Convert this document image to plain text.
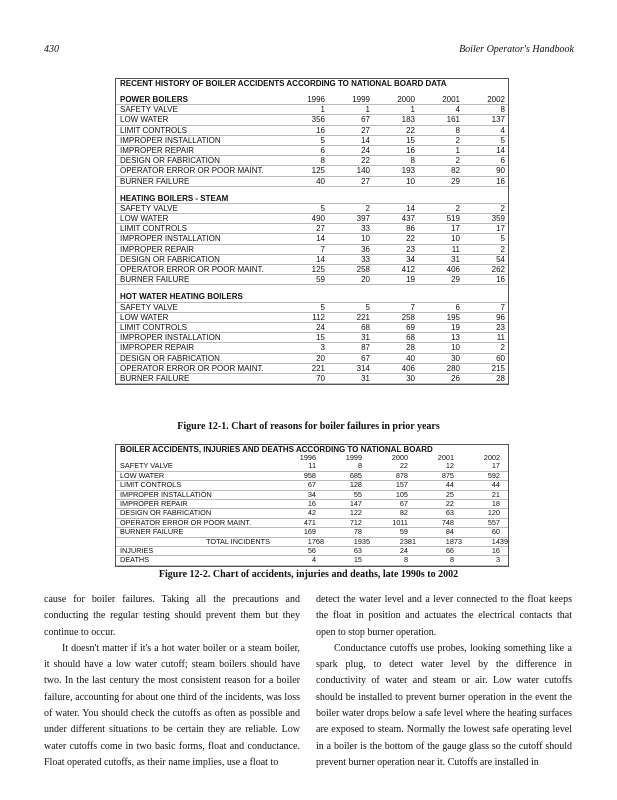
430	Boiler Operator's Handbook
RECENT HISTORY OF BOILER ACCIDENTS ACCORDING TO NATIONAL BOARD DATA
POWER BOILERS	1996	1999	2000	2001	2002
SAFETY VALVE	1	1	1	4	8
LOW WATER	356	67	183	161	137
LIMIT CONTROLS	16	27	22	8	4
IMPROPER INSTALLATION	5	14	15	2	5
IMPROPER REPAIR	6	24	16	1	14
DESIGN OR FABRICATION	8	22	8	2	6
OPERATOR ERROR OR POOR MAINT.	125	140	193	82	90
BURNER FAILURE	40	27	10	29	16
HEATING BOILERS - STEAM
SAFETY VALVE	5	2	14	2	2
LOW WATER	490	397	437	519	359
LIMIT CONTROLS	27	33	86	17	17
IMPROPER INSTALLATION	14	10	22	10	5
IMPROPER REPAIR	7	36	23	11	2
DESIGN OR FABRICATION	14	33	34	31	54
OPERATOR ERROR OR POOR MAINT.	125	258	412	406	262
BURNER FAILURE	59	20	19	29	16
HOT WATER HEATING BOILERS
SAFETY VALVE	5	5	7	6	7
LOW WATER	112	221	258	195	96
LIMIT CONTROLS	24	68	69	19	23
IMPROPER INSTALLATION	15	31	68	13	11
IMPROPER REPAIR	3	87	28	10	2
DESIGN OR FABRICATION	20	67	40	30	60
OPERATOR ERROR OR POOR MAINT.	221	314	406	280	215
BURNER FAILURE	70	31	30	26	28
Figure 12-1. Chart of reasons for boiler failures in prior years
BOILER ACCIDENTS, INJURIES AND DEATHS ACCORDING TO NATIONAL BOARD
1996	1999	2000	2001	2002
SAFETY VALVE	11	8	22	12	17
LOW WATER	958	685	878	875	592
LIMIT CONTROLS	67	128	157	44	44
IMPROPER INSTALLATION	34	55	105	25	21
IMPROPER REPAIR	16	147	67	22	18
DESIGN OR FABRICATION	42	122	82	63	120
OPERATOR ERROR OR POOR MAINT.	471	712	1011	748	557
BURNER FAILURE	169	78	59	84	60
TOTAL INCIDENTS	1768	1935	2381	1873	1439
INJURIES	56	63	24	66	16
DEATHS	4	15	8	8	3
Figure 12-2. Chart of accidents, injuries and deaths, late 1990s to 2002

cause for boiler failures. Taking all the precautions and conducting the regular testing should prevent them but they continue to occur.

It doesn't matter if it's a hot water boiler or a steam boiler, it should have a low water cutoff; steam boilers should have two. In the last century the most consistent reason for a boiler failure, accounting for about one third of the incidents, was loss of water. You should check the cutoffs as often as possible and under different situations to be certain they are reliable. Low water cutoffs come in two basic forms, float and conductance. Float operated cutoffs, as their name implies, use a float to

detect the water level and a lever connected to the float keeps the float in position and actuates the electrical contacts that open to stop burner operation.

Conductance cutoffs use probes, looking something like a spark plug, to detect water level by the difference in conductivity of water and steam or air. Low water cutoffs should be installed to prevent burner operation in the event the boiler water drops below a safe level where the heating surfaces are exposed to steam. Normally the lowest safe operating level in a boiler is the bottom of the gauge glass so the cutoff should prevent burner operation near it. Cutoffs are installed in
